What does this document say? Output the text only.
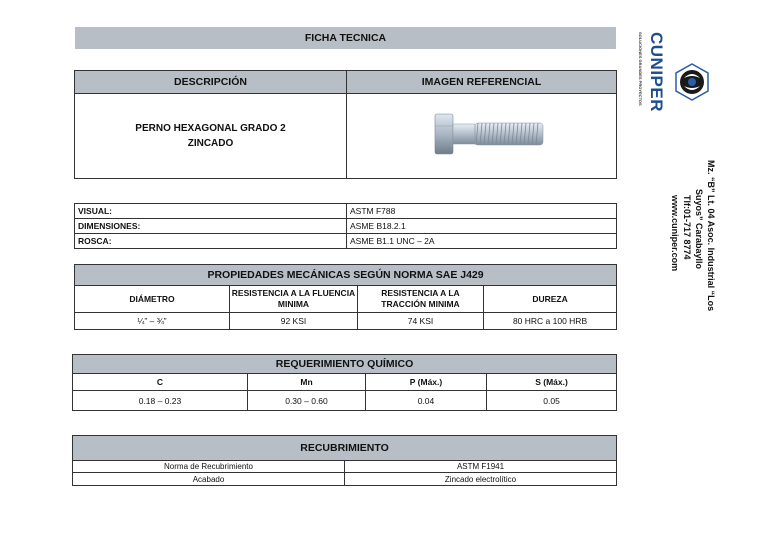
FICHA TECNICA
DESCRIPCIÓN	IMAGEN REFERENCIAL

PERNO HEXAGONAL GRADO 2
ZINCADO

VISUAL:	ASTM F788
DIMENSIONES:	ASME B18.2.1
ROSCA:	ASME B1.1 UNC – 2A
PROPIEDADES MECÁNICAS SEGÚN NORMA SAE J429			
DIÁMETRO	RESISTENCIA A LA FLUENCIA MINIMA	RESISTENCIA A LA TRACCIÓN MINIMA	DUREZA
¼” – ¾”	92 KSI	74 KSI	80 HRC a 100 HRB
REQUERIMIENTO QUÍMICO			
C	Mn	P (Máx.)	S (Máx.)
0.18 – 0.23	0.30 – 0.60	0.04	0.05
RECUBRIMIENTO	
Norma de Recubrimiento	ASTM F1941
Acabado	Zincado electrolítico
SOLUCIONES GRANDES PROYECTOS CUNIPER
Mz. “B” Lt. 04 Asoc. Industrial “Los
Suyos” Carabayllo
Tlf:01-717 8774
www.cuniper.com
